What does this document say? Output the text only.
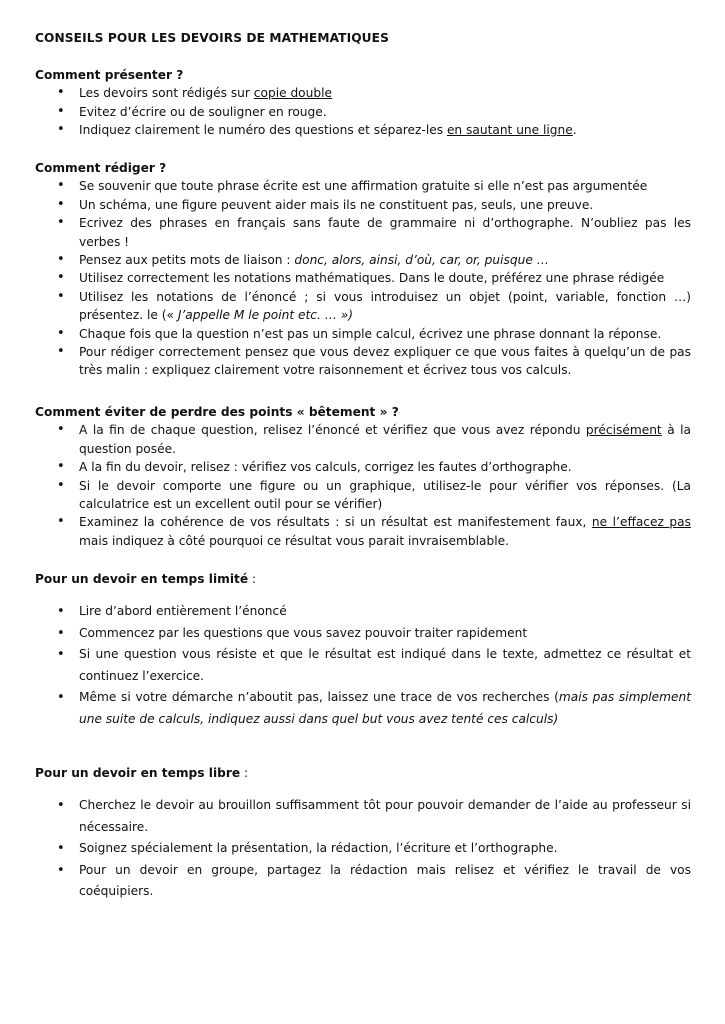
CONSEILS POUR LES DEVOIRS DE MATHEMATIQUES
Comment présenter ?
• Les devoirs sont rédigés sur copie double
• Evitez d’écrire ou de souligner en rouge.
• Indiquez clairement le numéro des questions et séparez-les en sautant une ligne.
Comment rédiger ?
• Se souvenir que toute phrase écrite est une affirmation gratuite si elle n’est pas argumentée
• Un schéma, une figure peuvent aider mais ils ne constituent pas, seuls, une preuve.
• Ecrivez des phrases en français sans faute de grammaire ni d’orthographe. N’oubliez pas les verbes !
• Pensez aux petits mots de liaison : donc, alors, ainsi, d’où, car, or, puisque …
• Utilisez correctement les notations mathématiques. Dans le doute, préférez une phrase rédigée
• Utilisez les notations de l’énoncé ; si vous introduisez un objet (point, variable, fonction …) présentez. le (« J’appelle M le point etc. … »)
• Chaque fois que la question n’est pas un simple calcul, écrivez une phrase donnant la réponse.
• Pour rédiger correctement pensez que vous devez expliquer ce que vous faites à quelqu’un de pas très malin : expliquez clairement votre raisonnement et écrivez tous vos calculs.
Comment éviter de perdre des points « bêtement » ?
• A la fin de chaque question, relisez l’énoncé et vérifiez que vous avez répondu précisément à la question posée.
• A la fin du devoir, relisez : vérifiez vos calculs, corrigez les fautes d’orthographe.
• Si le devoir comporte une figure ou un graphique, utilisez-le pour vérifier vos réponses. (La calculatrice est un excellent outil pour se vérifier)
• Examinez la cohérence de vos résultats : si un résultat est manifestement faux, ne l’effacez pas mais indiquez à côté pourquoi ce résultat vous parait invraisemblable.
Pour un devoir en temps limité :
• Lire d’abord entièrement l’énoncé
• Commencez par les questions que vous savez pouvoir traiter rapidement
• Si une question vous résiste et que le résultat est indiqué dans le texte, admettez ce résultat et continuez l’exercice.
• Même si votre démarche n’aboutit pas, laissez une trace de vos recherches (mais pas simplement une suite de calculs, indiquez aussi dans quel but vous avez tenté ces calculs)
Pour un devoir en temps libre :
• Cherchez le devoir au brouillon suffisamment tôt pour pouvoir demander de l’aide au professeur si nécessaire.
• Soignez spécialement la présentation, la rédaction, l’écriture et l’orthographe.
• Pour un devoir en groupe, partagez la rédaction mais relisez et vérifiez le travail de vos coéquipiers.
